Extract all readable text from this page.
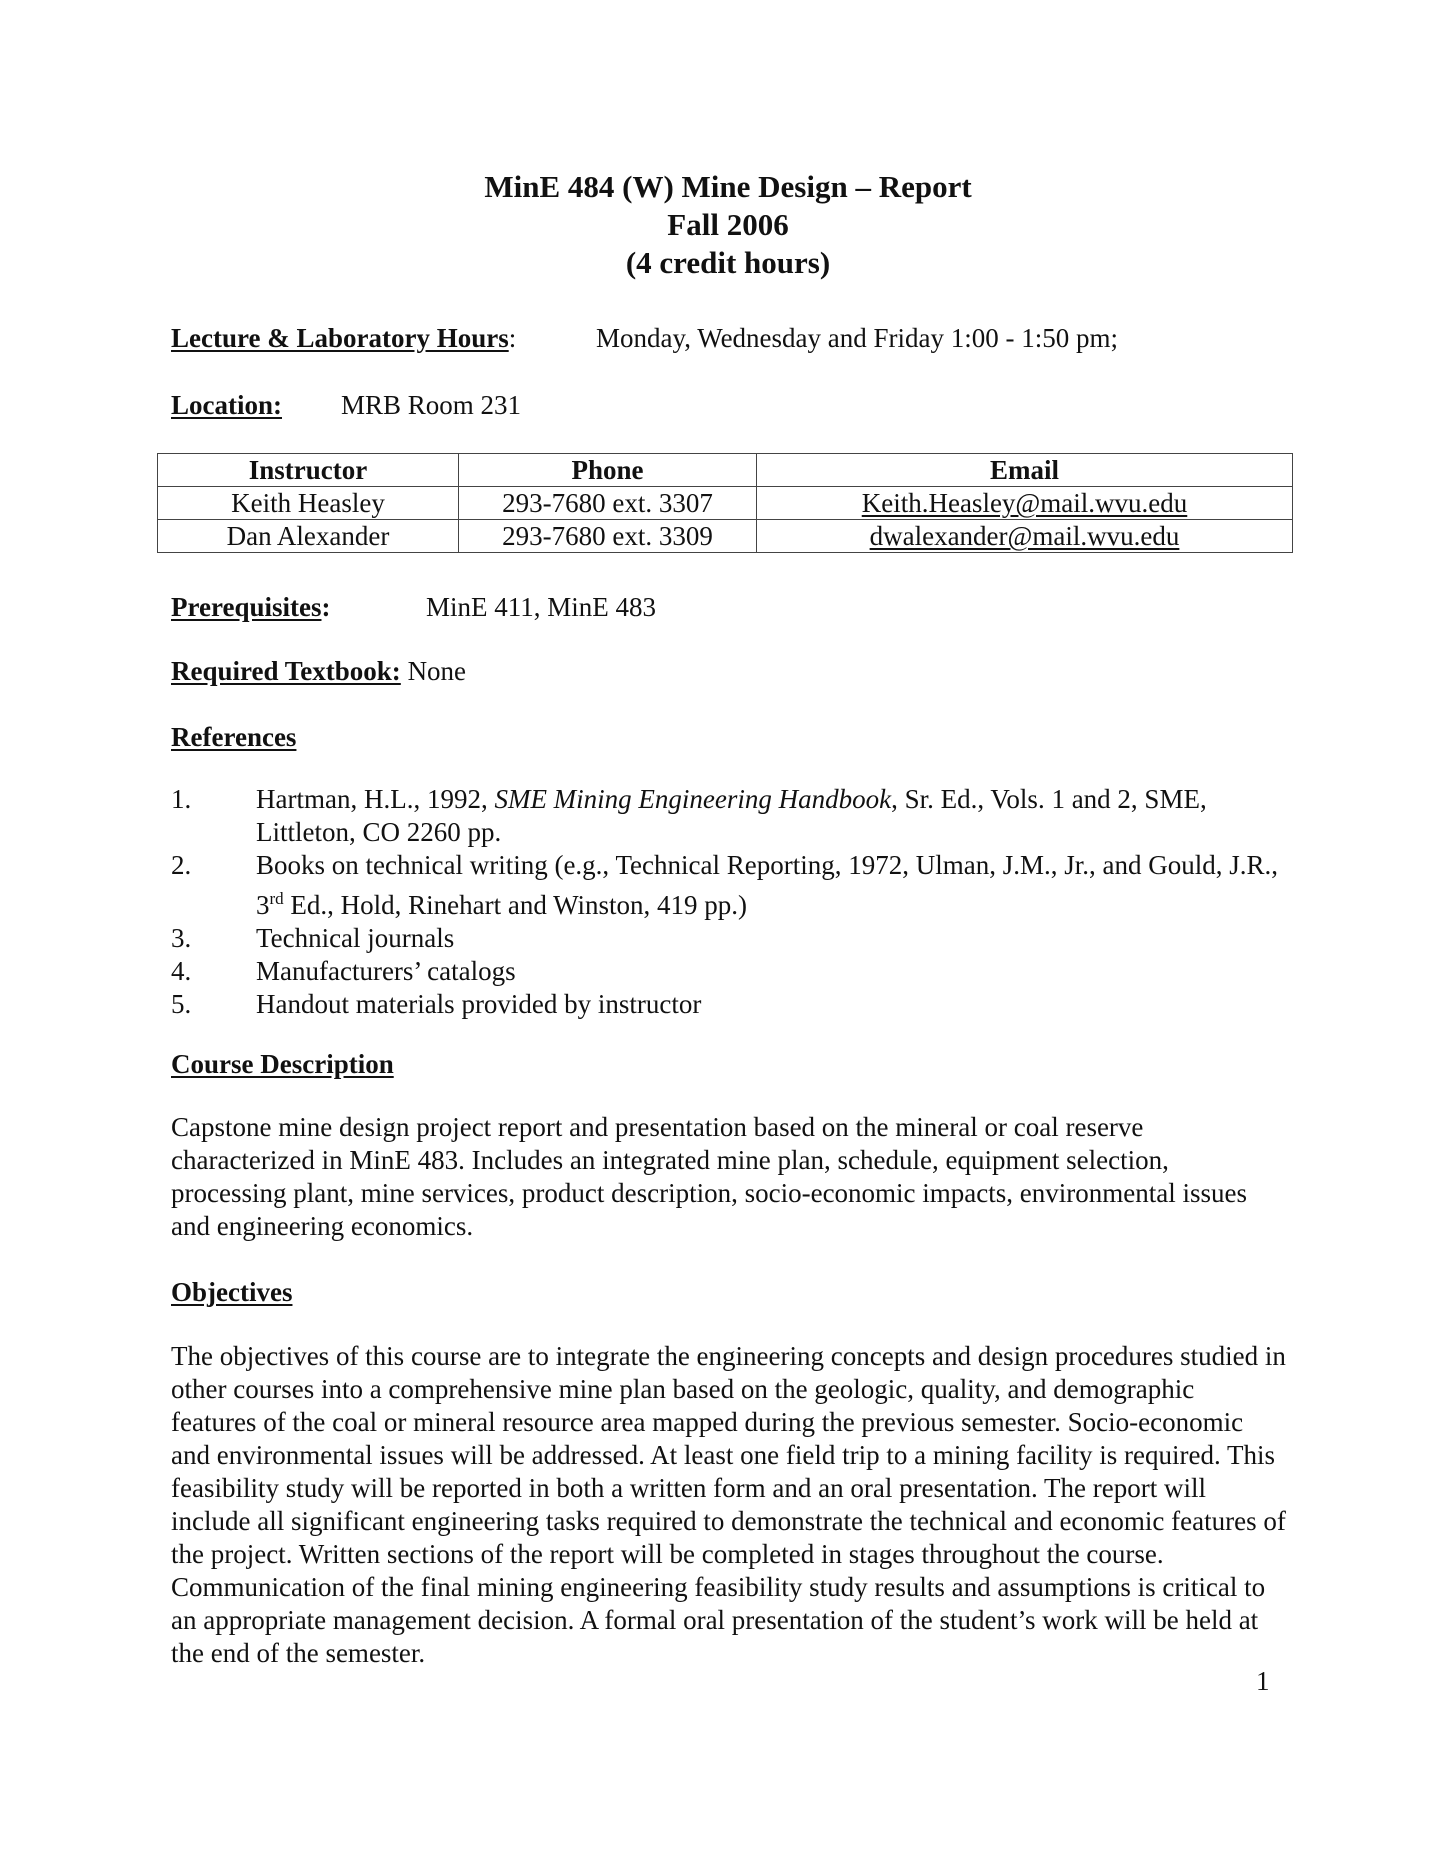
MinE 484 (W) Mine Design – Report
Fall 2006
(4 credit hours)
Lecture & Laboratory Hours:	Monday, Wednesday and Friday 1:00 - 1:50 pm;
Location: MRB Room 231
Instructor	Phone	Email
Keith Heasley	293-7680 ext. 3307	Keith.Heasley@mail.wvu.edu
Dan Alexander	293-7680 ext. 3309	dwalexander@mail.wvu.edu
Prerequisites:	MinE 411, MinE 483
Required Textbook: None
References
1.	Hartman, H.L., 1992, SME Mining Engineering Handbook, Sr. Ed., Vols. 1 and 2, SME, Littleton, CO 2260 pp.
2.	Books on technical writing (e.g., Technical Reporting, 1972, Ulman, J.M., Jr., and Gould, J.R., 3rd Ed., Hold, Rinehart and Winston, 419 pp.)
3.	Technical journals
4.	Manufacturers’ catalogs
5.	Handout materials provided by instructor
Course Description
Capstone mine design project report and presentation based on the mineral or coal reserve characterized in MinE 483. Includes an integrated mine plan, schedule, equipment selection, processing plant, mine services, product description, socio-economic impacts, environmental issues and engineering economics.
Objectives
The objectives of this course are to integrate the engineering concepts and design procedures studied in other courses into a comprehensive mine plan based on the geologic, quality, and demographic features of the coal or mineral resource area mapped during the previous semester. Socio-economic and environmental issues will be addressed. At least one field trip to a mining facility is required. This feasibility study will be reported in both a written form and an oral presentation. The report will include all significant engineering tasks required to demonstrate the technical and economic features of the project. Written sections of the report will be completed in stages throughout the course. Communication of the final mining engineering feasibility study results and assumptions is critical to an appropriate management decision. A formal oral presentation of the student’s work will be held at the end of the semester.
1
